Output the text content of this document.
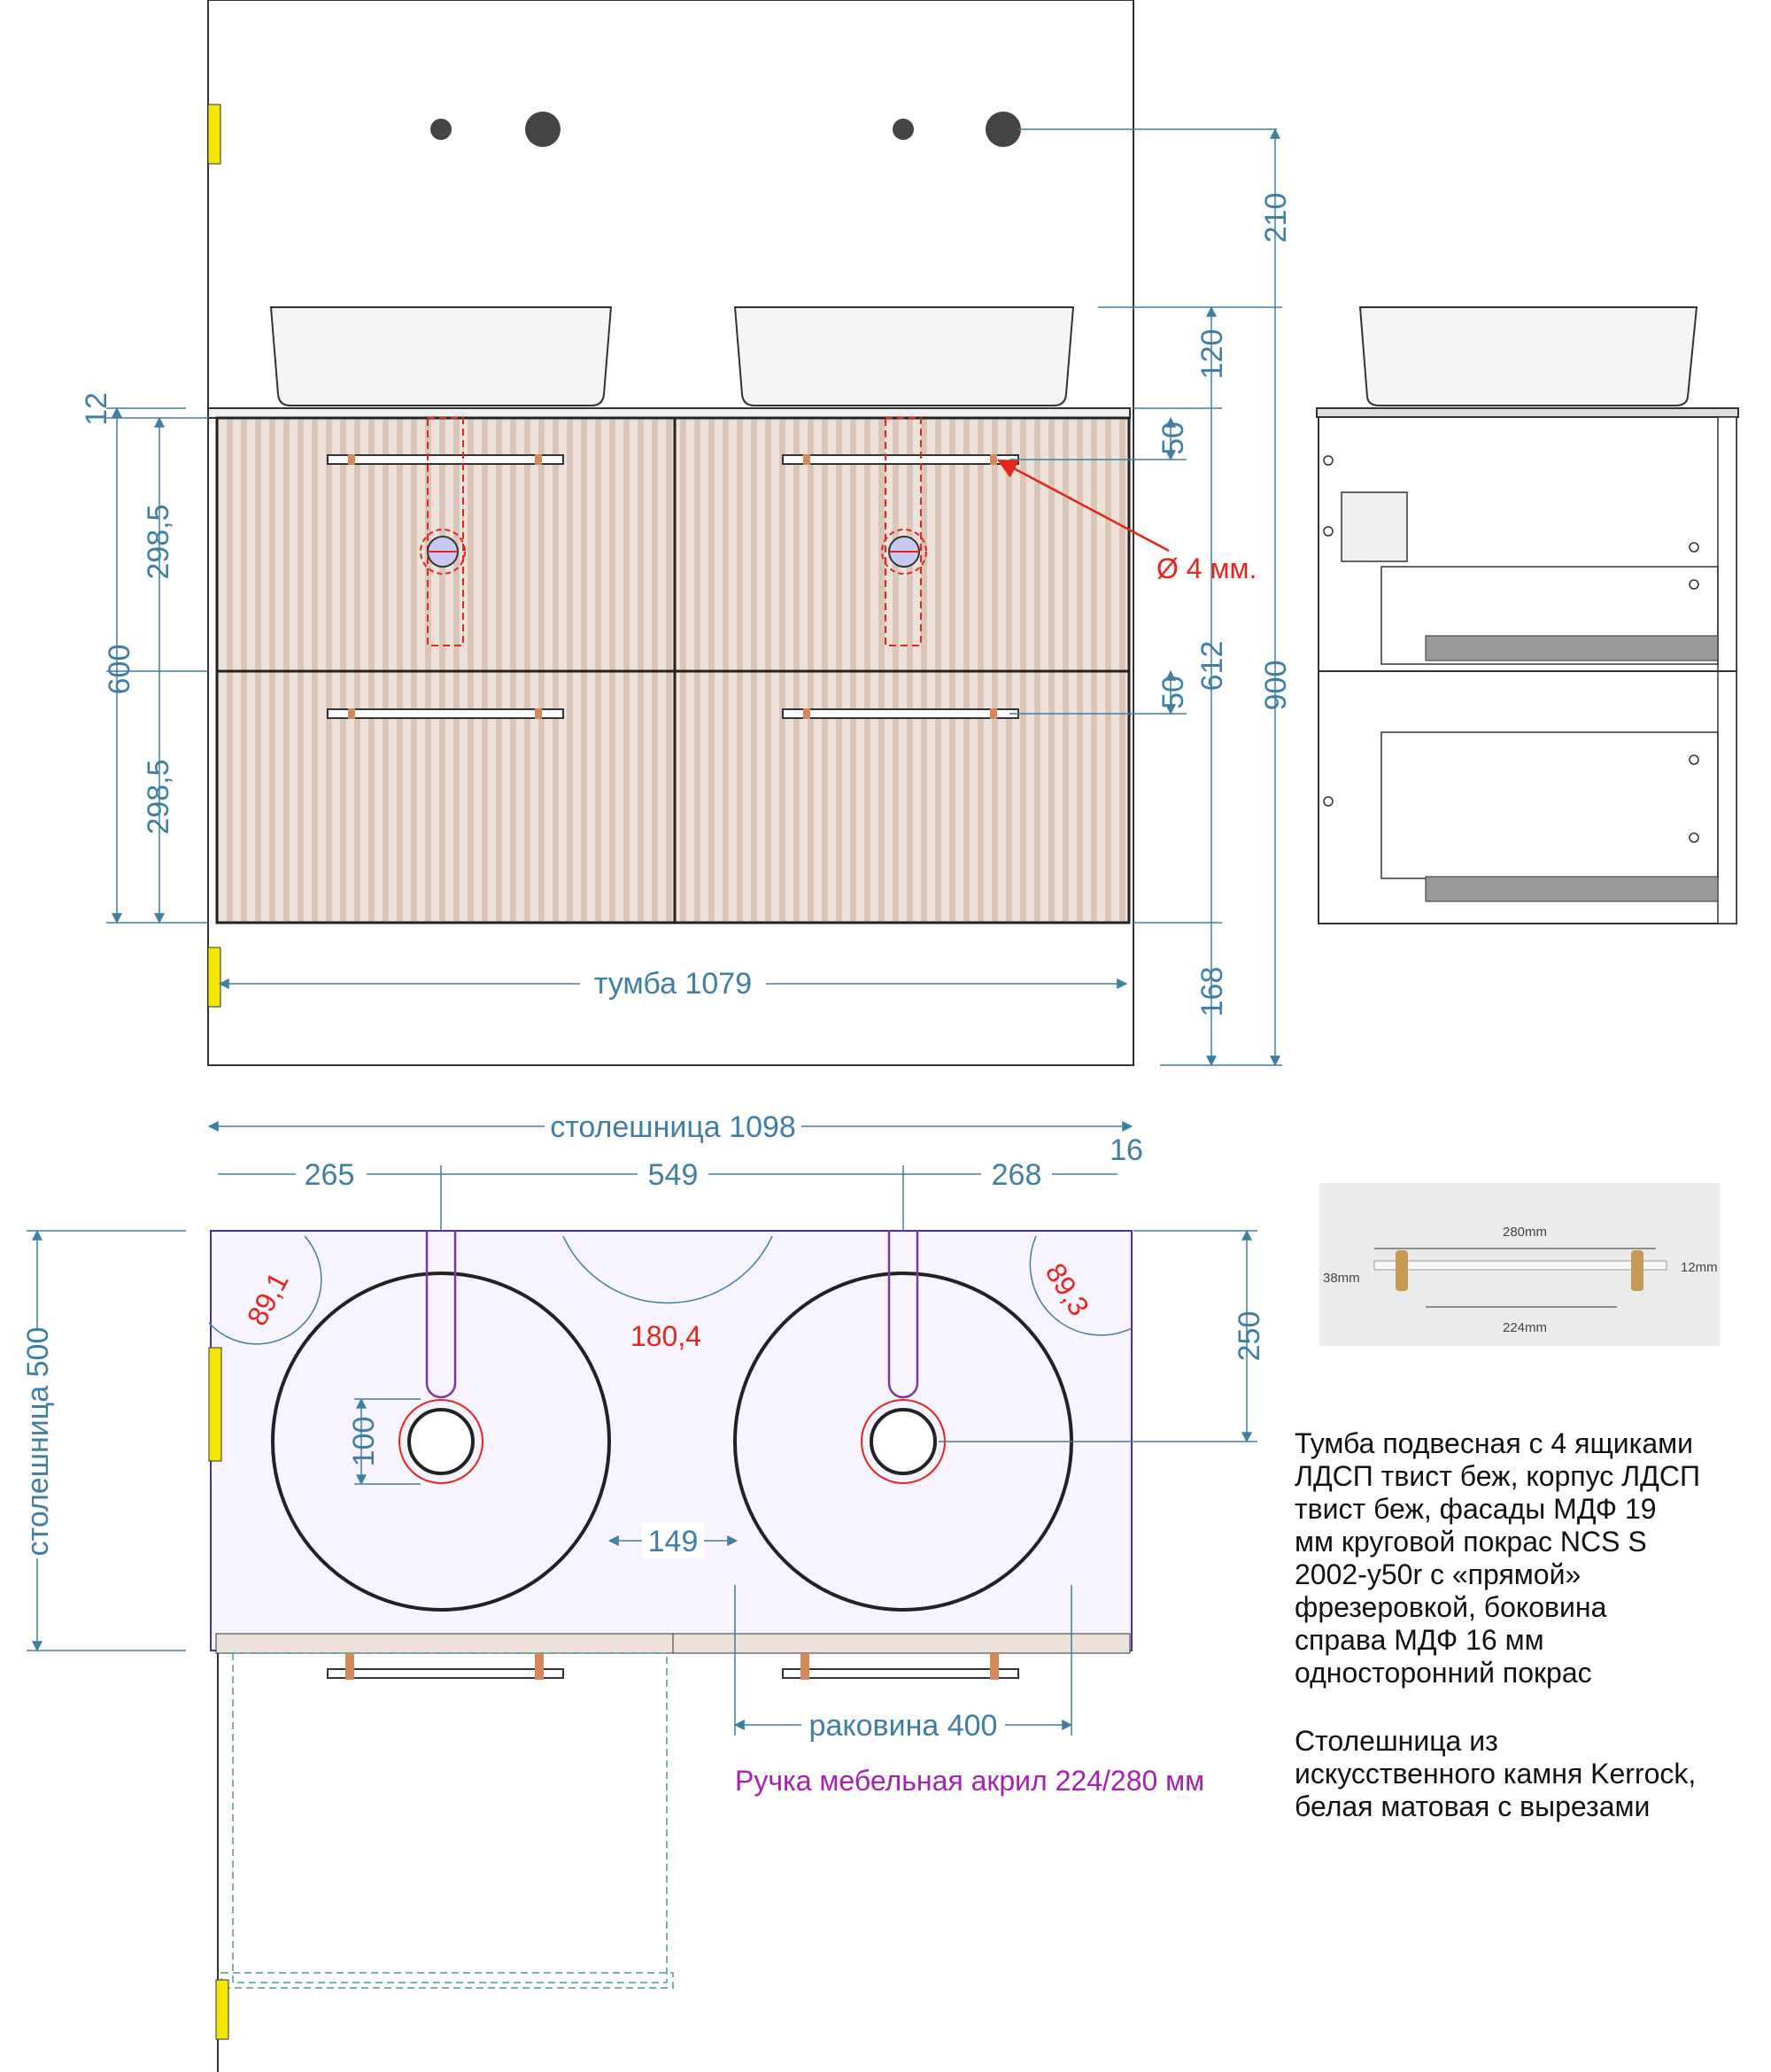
Ø 4 мм.
210
900
120
612
168
50
50
12
600
298,5
298,5
тумба 1079
столешница 1098
265	549	268
16
столешница 500	250
100
149
раковина 400
89,1	89,3
180,4
Ручка мебельная акрил 224/280 мм
280mm
224mm
38mm
12mm
Тумба подвесная с 4 ящиками
ЛДСП твист беж, корпус ЛДСП
твист беж, фасады МДФ 19
мм круговой покрас NCS S
2002-y50r с «прямой»
фрезеровкой, боковина
справа МДФ 16 мм
односторонний покрас
Столешница из
искусственного камня Kerrock,
белая матовая с вырезами
